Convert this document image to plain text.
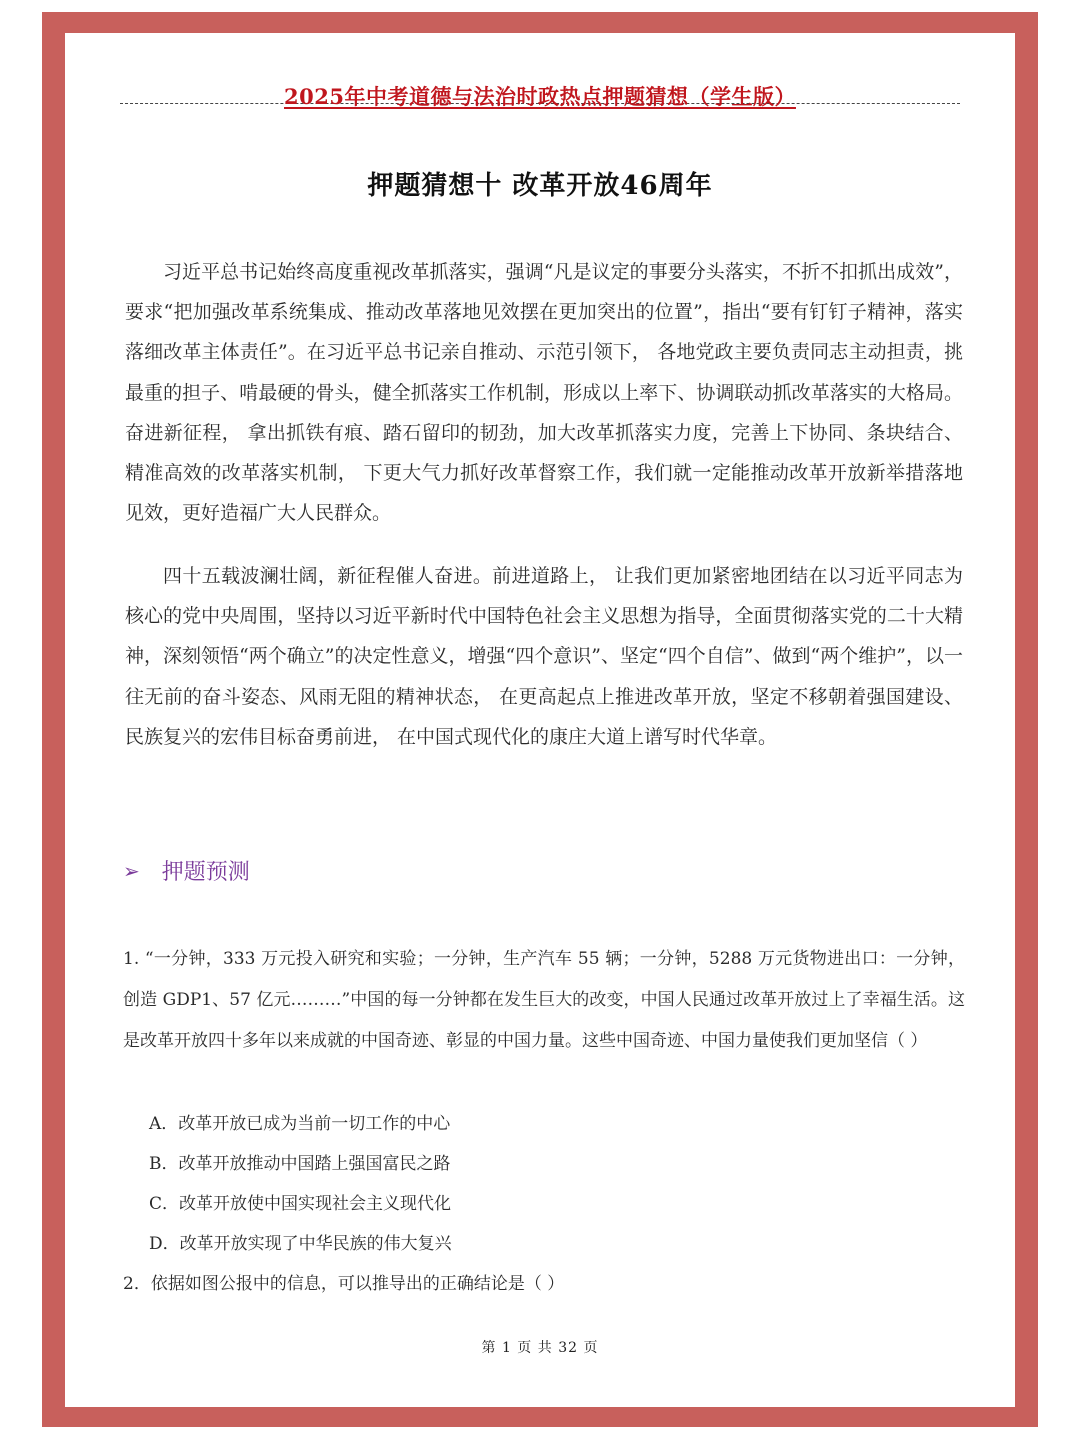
2025年中考道德与法治时政热点押题猜想（学生版）
押题猜想十 改革开放46周年

习近平总书记始终高度重视改革抓落实，强调“凡是议定的事要分头落实，不折不扣抓出成效”，要求“把加强改革系统集成、推动改革落地见效摆在更加突出的位置”，指出“要有钉钉子精神，落实落细改革主体责任”。在习近平总书记亲自推动、示范引领下， 各地党政主要负责同志主动担责，挑最重的担子、啃最硬的骨头，健全抓落实工作机制，形成以上率下、协调联动抓改革落实的大格局。奋进新征程， 拿出抓铁有痕、踏石留印的韧劲，加大改革抓落实力度，完善上下协同、条块结合、精准高效的改革落实机制， 下更大气力抓好改革督察工作，我们就一定能推动改革开放新举措落地见效，更好造福广大人民群众。

四十五载波澜壮阔，新征程催人奋进。前进道路上， 让我们更加紧密地团结在以习近平同志为核心的党中央周围，坚持以习近平新时代中国特色社会主义思想为指导，全面贯彻落实党的二十大精神，深刻领悟“两个确立”的决定性意义，增强“四个意识”、坚定“四个自信”、做到“两个维护”，以一往无前的奋斗姿态、风雨无阻的精神状态， 在更高起点上推进改革开放，坚定不移朝着强国建设、民族复兴的宏伟目标奋勇前进， 在中国式现代化的康庄大道上谱写时代华章。

➢ 押题预测

1. “一分钟，333 万元投入研究和实验；一分钟，生产汽车 55 辆；一分钟，5288 万元货物进出口：一分钟，创造 GDP1、57 亿元………”中国的每一分钟都在发生巨大的改变，中国人民通过改革开放过上了幸福生活。这是改革开放四十多年以来成就的中国奇迹、彰显的中国力量。这些中国奇迹、中国力量使我们更加坚信（ ）

A．改革开放已成为当前一切工作的中心
B．改革开放推动中国踏上强国富民之路
C．改革开放使中国实现社会主义现代化
D．改革开放实现了中华民族的伟大复兴
2．依据如图公报中的信息，可以推导出的正确结论是（ ）
第 1 页 共 32 页
